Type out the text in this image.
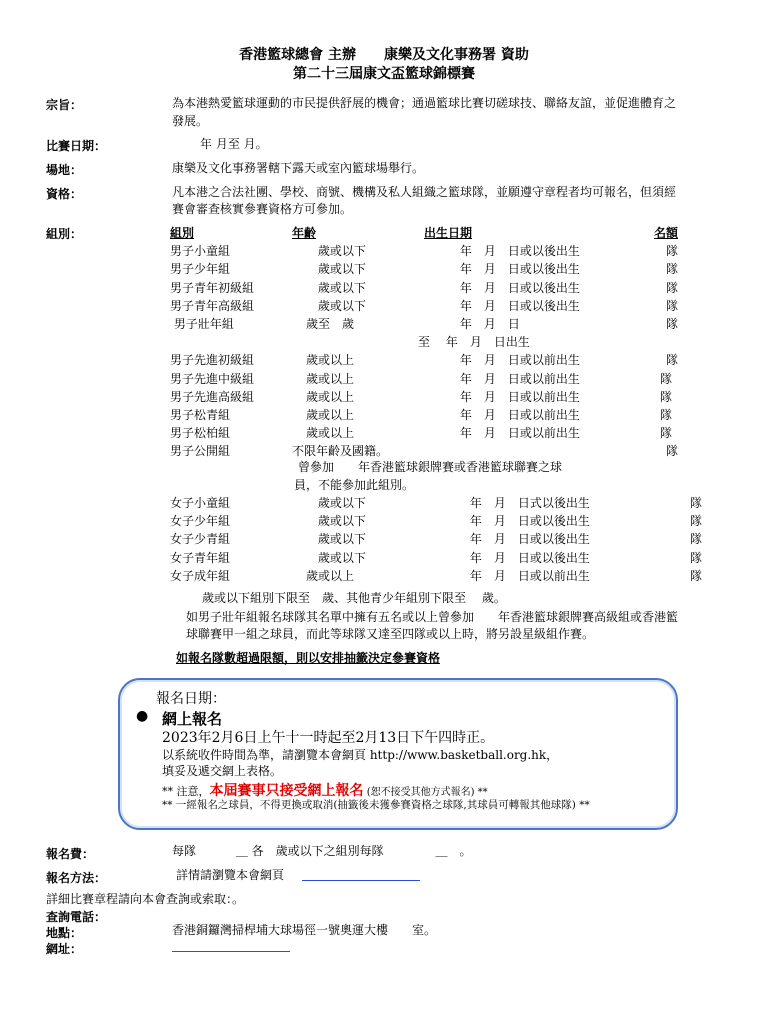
香港籃球總會 主辦　　康樂及文化事務署 資助
第二十三屆康文盃籃球錦標賽
宗旨：	為本港熱愛籃球運動的市民提供舒展的機會；通過籃球比賽切磋球技、聯絡友誼，並促進體育之
發展。
比賽日期：	年 月至 月。
場地：	康樂及文化事務署轄下露天或室內籃球場舉行。
資格：	凡本港之合法社團、學校、商號、機構及私人組織之籃球隊，並願遵守章程者均可報名，但須經
賽會審查核實參賽資格方可參加。
組別：	組別	年齡	出生日期	名額
男子小童組	　 歲或以下	　 年　月　日或以後出生	隊
男子少年組	　 歲或以下	　 年　月　日或以後出生	隊
男子青年初級組	　 歲或以下	　 年　月　日或以後出生	隊
男子青年高級組	　 歲或以下	　 年　月　日或以後出生	隊
男子壯年組	歲至　歲	　 年　月　日	隊
		至　 年　月　日出生	
男子先進初級組	歲或以上	　 年　月　日或以前出生	隊
男子先進中級組	歲或以上	　 年　月　日或以前出生	隊
男子先進高級組	歲或以上	　 年　月　日或以前出生	隊
男子松青組	歲或以上	　 年　月　日或以前出生	隊
男子松柏組	歲或以上	　 年　月　日或以前出生	隊
男子公開組	不限年齡及國籍。		隊
曾參加　　年香港籃球銀牌賽或香港籃球聯賽之球
員，不能參加此組別。
女子小童組	　 歲或以下	　 年　月　日式以後出生	隊
女子少年組	　 歲或以下	　 年　月　日或以後出生	隊
女子少青組	　 歲或以下	　 年　月　日或以後出生	隊
女子青年組	　 歲或以下	　 年　月　日或以後出生	隊
女子成年組	歲或以上	　 年　月　日或以前出生	隊
歲或以下組別下限至　歲、其他青少年組別下限至　 歲。
如男子壯年組報名球隊其名單中擁有五名或以上曾參加　　年香港籃球銀牌賽高級組或香港籃
球聯賽甲一組之球員，而此等球隊又達至四隊或以上時，將另設星級組作賽。
如報名隊數超過限額，則以安排抽籤決定參賽資格
報名日期：
● 網上報名
2023年2月6日上午十一時起至2月13日下午四時正。
以系統收件時間為準，請瀏覽本會網頁 http://www.basketball.org.hk，
填妥及遞交網上表格。
** 注意，本屆賽事只接受網上報名 (恕不接受其他方式報名) **
** 一經報名之球員，不得更換或取消(抽籤後未獲參賽資格之球隊,其球員可轉報其他球隊) **
報名費：	每隊　　　 ＿ 各　歲或以下之組別每隊　　　　 ＿　。
報名方法：	詳情請瀏覽本會網頁
詳細比賽章程請向本會查詢或索取：。
查詢電話：
地點：	香港銅鑼灣掃桿埔大球場徑一號奧運大樓　　室。
網址：
